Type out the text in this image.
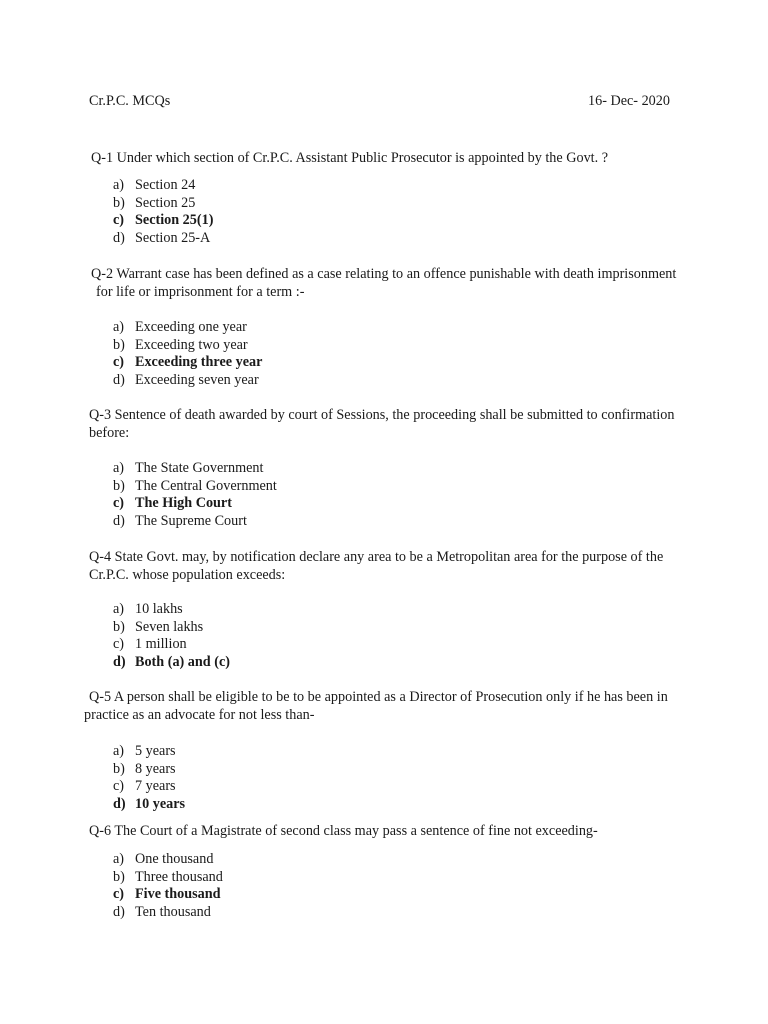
Cr.P.C. MCQs	16- Dec- 2020
Q-1 Under which section of Cr.P.C. Assistant Public Prosecutor is appointed by the Govt. ?
a) Section 24
b) Section 25
c) Section 25(1)
d) Section 25-A
Q-2 Warrant case has been defined as a case relating to an offence punishable with death imprisonment
for life or imprisonment for a term :-
a) Exceeding one year
b) Exceeding two year
c) Exceeding three year
d) Exceeding seven year
Q-3 Sentence of death awarded by court of Sessions, the proceeding shall be submitted to confirmation
before:
a) The State Government
b) The Central Government
c) The High Court
d) The Supreme Court
Q-4 State Govt. may, by notification declare any area to be a Metropolitan area for the purpose of the
Cr.P.C. whose population exceeds:
a) 10 lakhs
b) Seven lakhs
c) 1 million
d) Both (a) and (c)
Q-5 A person shall be eligible to be to be appointed as a Director of Prosecution only if he has been in
practice as an advocate for not less than-
a) 5 years
b) 8 years
c) 7 years
d) 10 years
Q-6 The Court of a Magistrate of second class may pass a sentence of fine not exceeding-
a) One thousand
b) Three thousand
c) Five thousand
d) Ten thousand
